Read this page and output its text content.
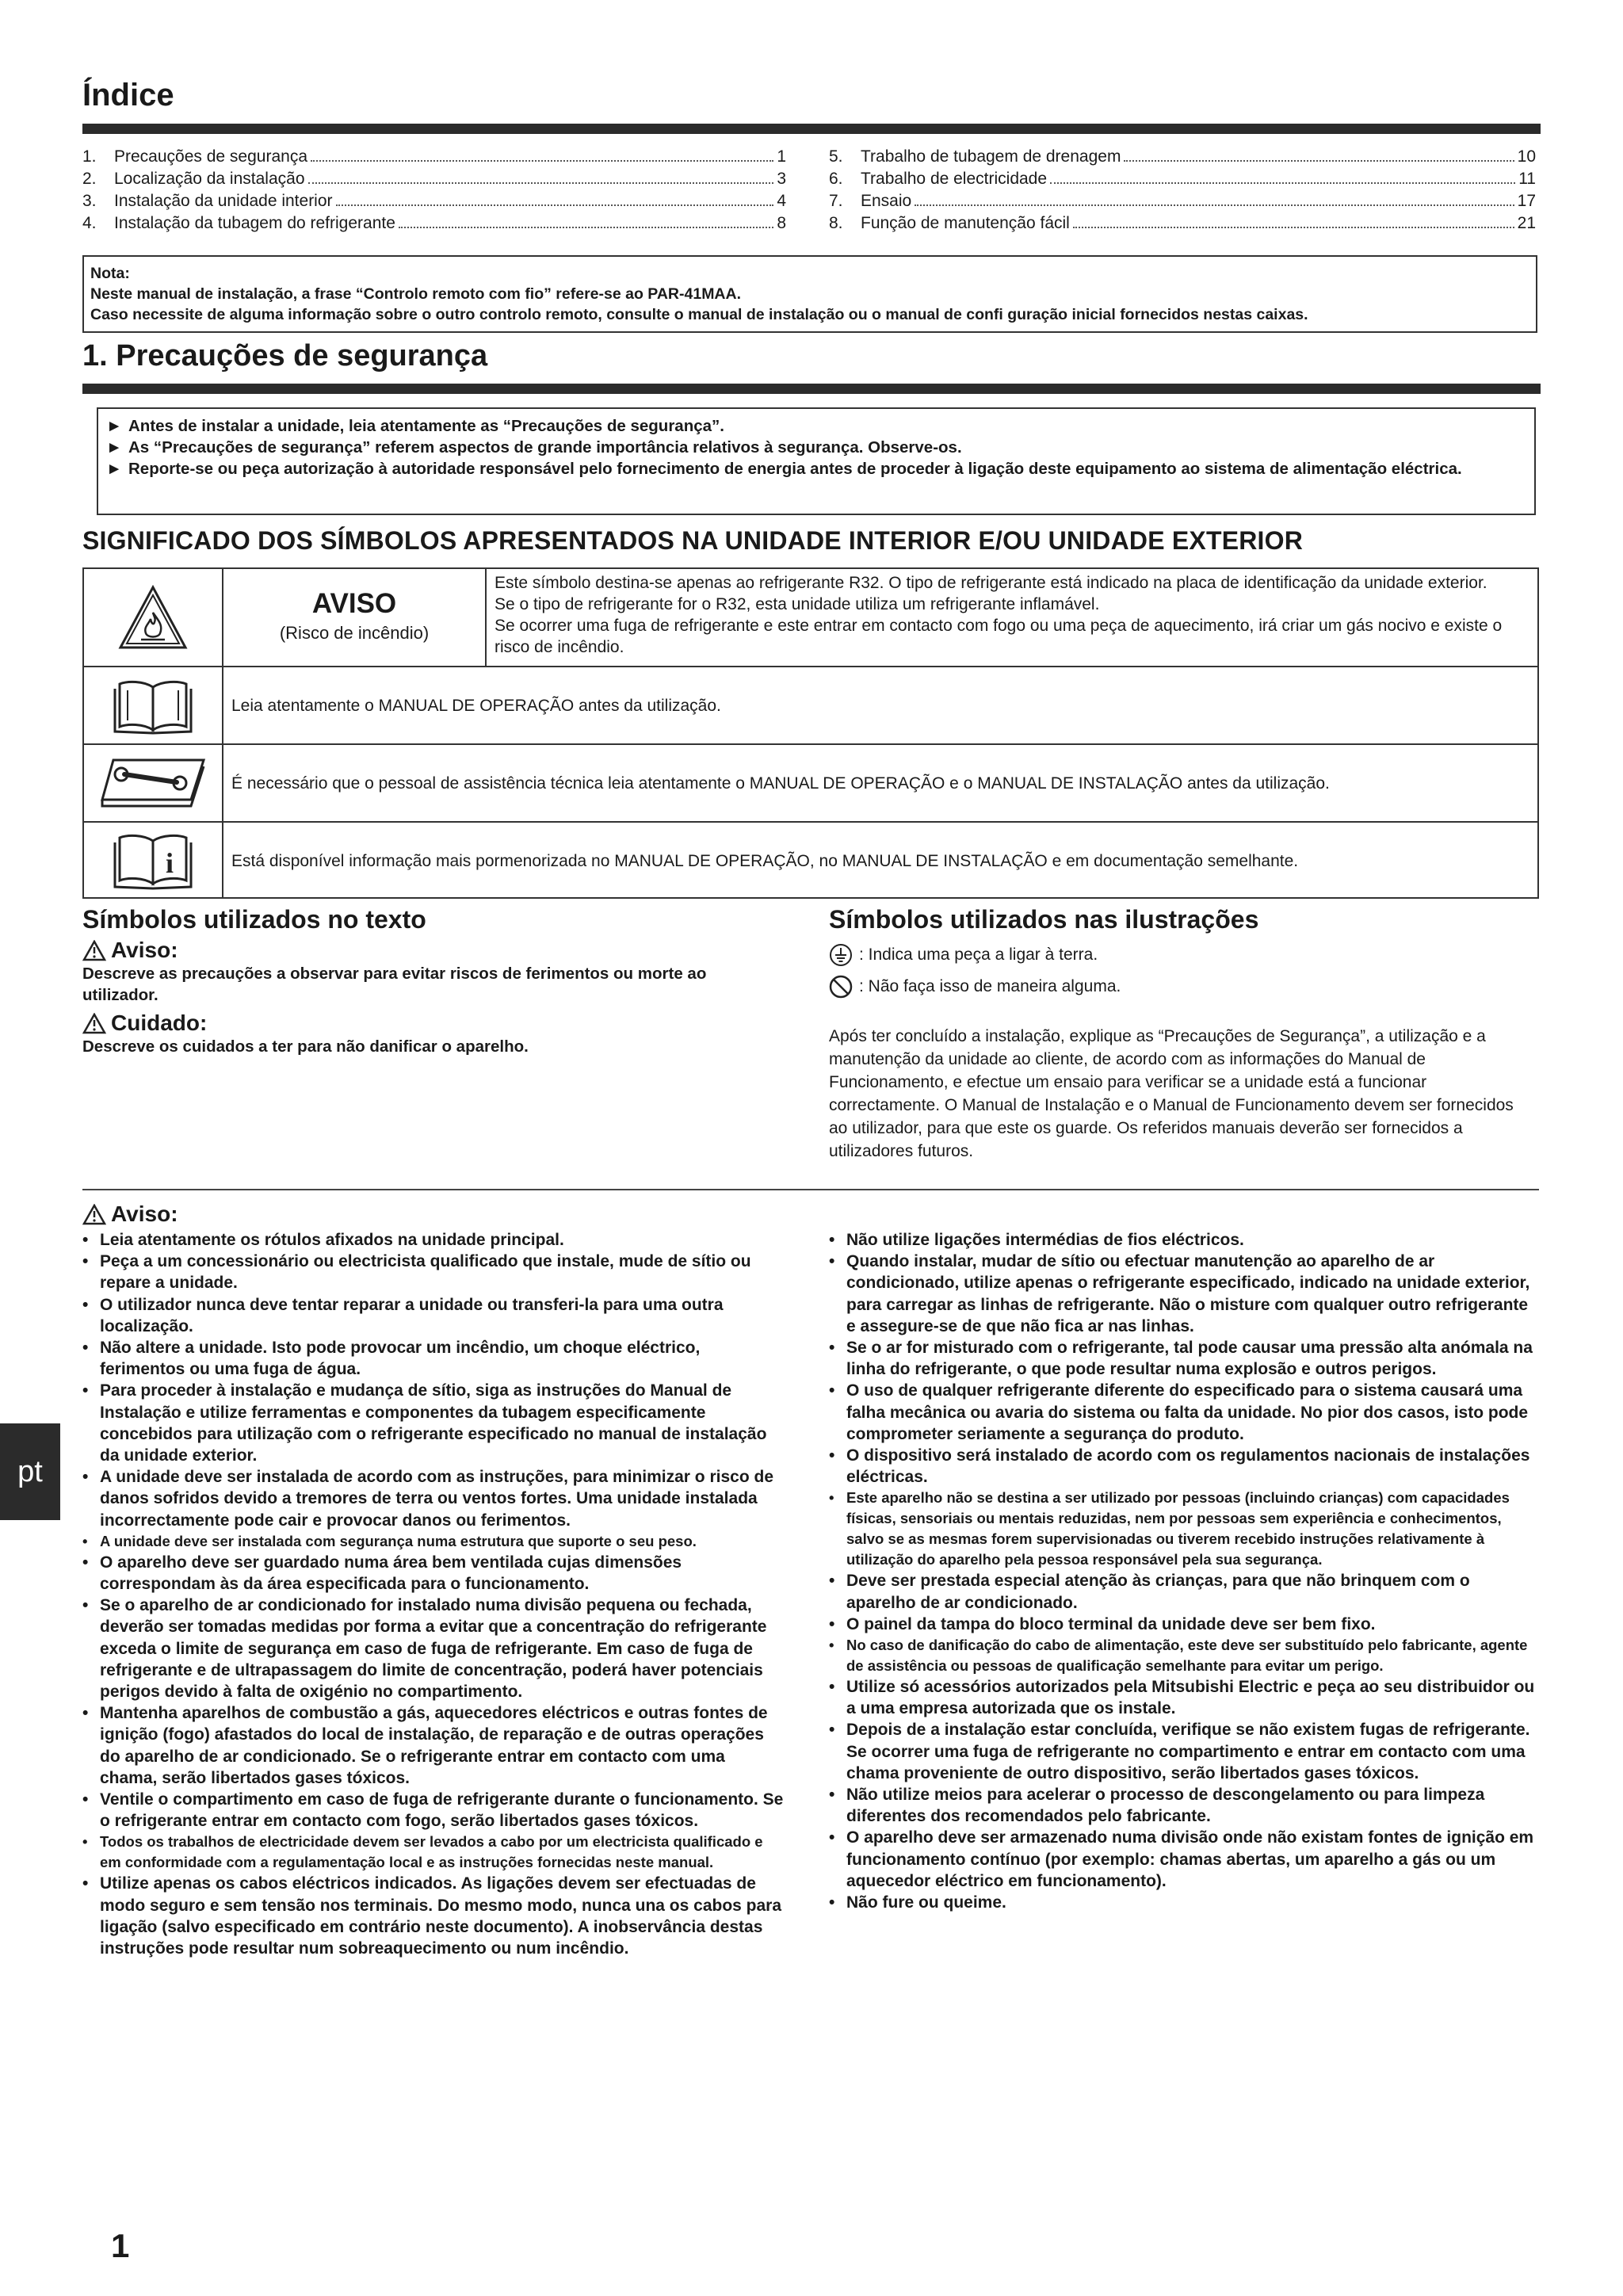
Índice
1.	Precauções de segurança	1
2.	Localização da instalação	3
3.	Instalação da unidade interior	4
4.	Instalação da tubagem do refrigerante	8
5.	Trabalho de tubagem de drenagem	10
6.	Trabalho de electricidade	11
7.	Ensaio	17
8.	Função de manutenção fácil	21
Nota:
Neste manual de instalação, a frase “Controlo remoto com fio” refere-se ao PAR-41MAA.
Caso necessite de alguma informação sobre o outro controlo remoto, consulte o manual de instalação ou o manual de confi guração inicial fornecidos nestas caixas.
1. Precauções de segurança
► Antes de instalar a unidade, leia atentamente as “Precauções de segurança”.
► As “Precauções de segurança” referem aspectos de grande importância relativos à segurança. Observe-os.
► Reporte-se ou peça autorização à autoridade responsável pelo fornecimento de energia antes de proceder à ligação deste equipamento ao sistema de alimentação eléctrica.
SIGNIFICADO DOS SÍMBOLOS APRESENTADOS NA UNIDADE INTERIOR E/OU UNIDADE EXTERIOR
AVISO
(Risco de incêndio)
Este símbolo destina-se apenas ao refrigerante R32. O tipo de refrigerante está indicado na placa de identificação da unidade exterior.
Se o tipo de refrigerante for o R32, esta unidade utiliza um refrigerante inflamável.
Se ocorrer uma fuga de refrigerante e este entrar em contacto com fogo ou uma peça de aquecimento, irá criar um gás nocivo e existe o risco de incêndio.
Leia atentamente o MANUAL DE OPERAÇÃO antes da utilização.
É necessário que o pessoal de assistência técnica leia atentamente o MANUAL DE OPERAÇÃO e o MANUAL DE INSTALAÇÃO antes da utilização.
i	Está disponível informação mais pormenorizada no MANUAL DE OPERAÇÃO, no MANUAL DE INSTALAÇÃO e em documentação semelhante.
Símbolos utilizados no texto
Aviso:
Descreve as precauções a observar para evitar riscos de ferimentos ou morte ao utilizador.
Cuidado:
Descreve os cuidados a ter para não danificar o aparelho.
Símbolos utilizados nas ilustrações
: Indica uma peça a ligar à terra.
: Não faça isso de maneira alguma.
Após ter concluído a instalação, explique as “Precauções de Segurança”, a utilização e a manutenção da unidade ao cliente, de acordo com as informações do Manual de Funcionamento, e efectue um ensaio para verificar se a unidade está a funcionar correctamente. O Manual de Instalação e o Manual de Funcionamento devem ser fornecidos ao utilizador, para que este os guarde. Os referidos manuais deverão ser fornecidos a utilizadores futuros.
Aviso:
• Leia atentamente os rótulos afixados na unidade principal.
• Peça a um concessionário ou electricista qualificado que instale, mude de sítio ou repare a unidade.
• O utilizador nunca deve tentar reparar a unidade ou transferi-la para uma outra localização.
• Não altere a unidade. Isto pode provocar um incêndio, um choque eléctrico, ferimentos ou uma fuga de água.
• Para proceder à instalação e mudança de sítio, siga as instruções do Manual de Instalação e utilize ferramentas e componentes da tubagem especificamente concebidos para utilização com o refrigerante especificado no manual de instalação da unidade exterior.
• A unidade deve ser instalada de acordo com as instruções, para minimizar o risco de danos sofridos devido a tremores de terra ou ventos fortes. Uma unidade instalada incorrectamente pode cair e provocar danos ou ferimentos.
• A unidade deve ser instalada com segurança numa estrutura que suporte o seu peso.
• O aparelho deve ser guardado numa área bem ventilada cujas dimensões correspondam às da área especificada para o funcionamento.
• Se o aparelho de ar condicionado for instalado numa divisão pequena ou fechada, deverão ser tomadas medidas por forma a evitar que a concentração do refrigerante exceda o limite de segurança em caso de fuga de refrigerante. Em caso de fuga de refrigerante e de ultrapassagem do limite de concentração, poderá haver potenciais perigos devido à falta de oxigénio no compartimento.
• Mantenha aparelhos de combustão a gás, aquecedores eléctricos e outras fontes de ignição (fogo) afastados do local de instalação, de reparação e de outras operações do aparelho de ar condicionado. Se o refrigerante entrar em contacto com uma chama, serão libertados gases tóxicos.
• Ventile o compartimento em caso de fuga de refrigerante durante o funcionamento. Se o refrigerante entrar em contacto com fogo, serão libertados gases tóxicos.
• Todos os trabalhos de electricidade devem ser levados a cabo por um electricista qualificado e em conformidade com a regulamentação local e as instruções fornecidas neste manual.
• Utilize apenas os cabos eléctricos indicados. As ligações devem ser efectuadas de modo seguro e sem tensão nos terminais. Do mesmo modo, nunca una os cabos para ligação (salvo especificado em contrário neste documento). A inobservância destas instruções pode resultar num sobreaquecimento ou num incêndio.
• Não utilize ligações intermédias de fios eléctricos.
• Quando instalar, mudar de sítio ou efectuar manutenção ao aparelho de ar condicionado, utilize apenas o refrigerante especificado, indicado na unidade exterior, para carregar as linhas de refrigerante. Não o misture com qualquer outro refrigerante e assegure-se de que não fica ar nas linhas.
• Se o ar for misturado com o refrigerante, tal pode causar uma pressão alta anómala na linha do refrigerante, o que pode resultar numa explosão e outros perigos.
• O uso de qualquer refrigerante diferente do especificado para o sistema causará uma falha mecânica ou avaria do sistema ou falta da unidade. No pior dos casos, isto pode comprometer seriamente a segurança do produto.
• O dispositivo será instalado de acordo com os regulamentos nacionais de instalações eléctricas.
• Este aparelho não se destina a ser utilizado por pessoas (incluindo crianças) com capacidades físicas, sensoriais ou mentais reduzidas, nem por pessoas sem experiência e conhecimentos, salvo se as mesmas forem supervisionadas ou tiverem recebido instruções relativamente à utilização do aparelho pela pessoa responsável pela sua segurança.
• Deve ser prestada especial atenção às crianças, para que não brinquem com o aparelho de ar condicionado.
• O painel da tampa do bloco terminal da unidade deve ser bem fixo.
• No caso de danificação do cabo de alimentação, este deve ser substituído pelo fabricante, agente de assistência ou pessoas de qualificação semelhante para evitar um perigo.
• Utilize só acessórios autorizados pela Mitsubishi Electric e peça ao seu distribuidor ou a uma empresa autorizada que os instale.
• Depois de a instalação estar concluída, verifique se não existem fugas de refrigerante. Se ocorrer uma fuga de refrigerante no compartimento e entrar em contacto com uma chama proveniente de outro dispositivo, serão libertados gases tóxicos.
• Não utilize meios para acelerar o processo de descongelamento ou para limpeza diferentes dos recomendados pelo fabricante.
• O aparelho deve ser armazenado numa divisão onde não existam fontes de ignição em funcionamento contínuo (por exemplo: chamas abertas, um aparelho a gás ou um aquecedor eléctrico em funcionamento).
• Não fure ou queime.
pt
1
